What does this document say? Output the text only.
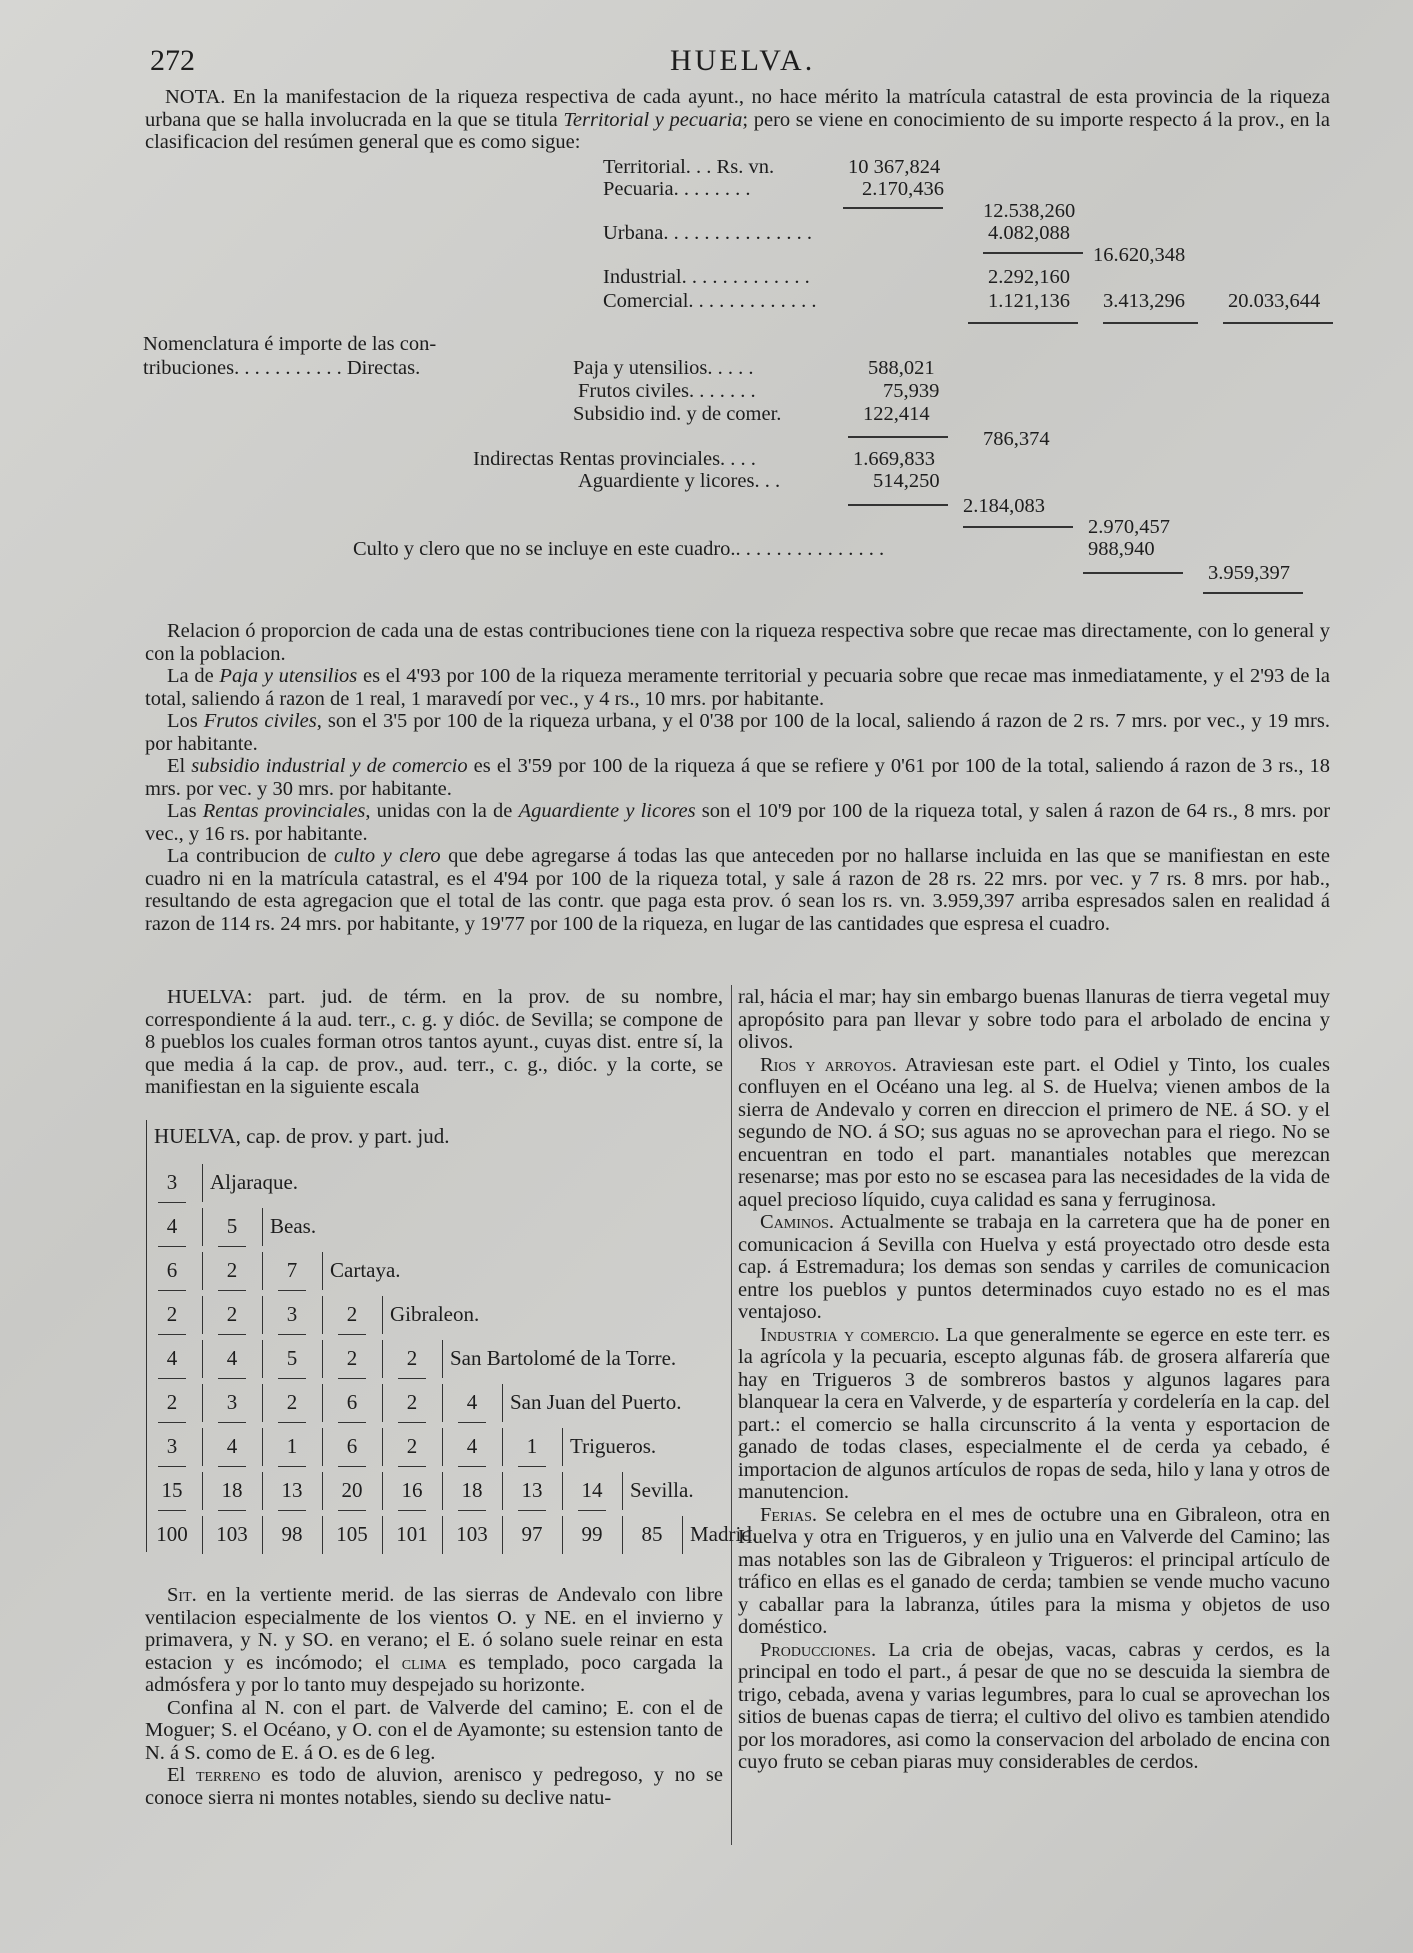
272	HUELVA.
NOTA. En la manifestacion de la riqueza respectiva de cada ayunt., no hace mérito la matrícula catastral de esta provincia de la riqueza urbana que se halla involucrada en la que se titula Territorial y pecuaria; pero se viene en conocimiento de su importe respecto á la prov., en la clasificacion del resúmen general que es como sigue:
Territorial. . . Rs. vn.	10 367,824
Pecuaria. . . . . . . .	2.170,436
12.538,260
Urbana. . . . . . . . . . . . . . .	4.082,088
16.620,348
Industrial. . . . . . . . . . . . .	2.292,160
Comercial. . . . . . . . . . . . .	1.121,136 3.413,296 20.033,644
Nomenclatura é importe de las con-
tribuciones. . . . . . . . . . . Directas.	Paja y utensilios. . . . .	588,021
Frutos civiles. . . . . . .	75,939
Subsidio ind. y de comer.	122,414
786,374
Indirectas Rentas provinciales. . . .	1.669,833
Aguardiente y licores. . .	514,250
2.184,083
2.970,457
Culto y clero que no se incluye en este cuadro.. . . . . . . . . . . . . . .	988,940
3.959,397

Relacion ó proporcion de cada una de estas contribuciones tiene con la riqueza respectiva sobre que recae mas directamente, con lo general y con la poblacion.

La de Paja y utensilios es el 4'93 por 100 de la riqueza meramente territorial y pecuaria sobre que recae mas inmediatamente, y el 2'93 de la total, saliendo á razon de 1 real, 1 maravedí por vec., y 4 rs., 10 mrs. por habitante.

Los Frutos civiles, son el 3'5 por 100 de la riqueza urbana, y el 0'38 por 100 de la local, saliendo á razon de 2 rs. 7 mrs. por vec., y 19 mrs. por habitante.

El subsidio industrial y de comercio es el 3'59 por 100 de la riqueza á que se refiere y 0'61 por 100 de la total, saliendo á razon de 3 rs., 18 mrs. por vec. y 30 mrs. por habitante.

Las Rentas provinciales, unidas con la de Aguardiente y licores son el 10'9 por 100 de la riqueza total, y salen á razon de 64 rs., 8 mrs. por vec., y 16 rs. por habitante.

La contribucion de culto y clero que debe agregarse á todas las que anteceden por no hallarse incluida en las que se manifiestan en este cuadro ni en la matrícula catastral, es el 4'94 por 100 de la riqueza total, y sale á razon de 28 rs. 22 mrs. por vec. y 7 rs. 8 mrs. por hab., resultando de esta agregacion que el total de las contr. que paga esta prov. ó sean los rs. vn. 3.959,397 arriba espresados salen en realidad á razon de 114 rs. 24 mrs. por habitante, y 19'77 por 100 de la riqueza, en lugar de las cantidades que espresa el cuadro.

HUELVA: part. jud. de térm. en la prov. de su nombre, correspondiente á la aud. terr., c. g. y dióc. de Sevilla; se compone de 8 pueblos los cuales forman otros tantos ayunt., cuyas dist. entre sí, la que media á la cap. de prov., aud. terr., c. g., dióc. y la corte, se manifiestan en la siguiente escala

HUELVA, cap. de prov. y part. jud.
3	Aljaraque.
4	5	Beas.
6	2	7	Cartaya.
2	2	3	2	Gibraleon.
4	4	5	2	2	San Bartolomé de la Torre.
2	3	2	6	2	4	San Juan del Puerto.
3	4	1	6	2	4	1	Trigueros.
15	18	13	20	16	18	13	14	Sevilla.
100	103	98	105	101	103	97	99	85	Madrid.

Sit. en la vertiente merid. de las sierras de Andevalo con libre ventilacion especialmente de los vientos O. y NE. en el invierno y primavera, y N. y SO. en verano; el E. ó solano suele reinar en esta estacion y es incómodo; el clima es templado, poco cargada la admósfera y por lo tanto muy despejado su horizonte.

Confina al N. con el part. de Valverde del camino; E. con el de Moguer; S. el Océano, y O. con el de Ayamonte; su estension tanto de N. á S. como de E. á O. es de 6 leg.

El terreno es todo de aluvion, arenisco y pedregoso, y no se conoce sierra ni montes notables, siendo su declive natu-

ral, hácia el mar; hay sin embargo buenas llanuras de tierra vegetal muy apropósito para pan llevar y sobre todo para el arbolado de encina y olivos.

Rios y arroyos. Atraviesan este part. el Odiel y Tinto, los cuales confluyen en el Océano una leg. al S. de Huelva; vienen ambos de la sierra de Andevalo y corren en direccion el primero de NE. á SO. y el segundo de NO. á SO; sus aguas no se aprovechan para el riego. No se encuentran en todo el part. manantiales notables que merezcan resenarse; mas por esto no se escasea para las necesidades de la vida de aquel precioso líquido, cuya calidad es sana y ferruginosa.

Caminos. Actualmente se trabaja en la carretera que ha de poner en comunicacion á Sevilla con Huelva y está proyectado otro desde esta cap. á Estremadura; los demas son sendas y carriles de comunicacion entre los pueblos y puntos determinados cuyo estado no es el mas ventajoso.

Industria y comercio. La que generalmente se egerce en este terr. es la agrícola y la pecuaria, escepto algunas fáb. de grosera alfarería que hay en Trigueros 3 de sombreros bastos y algunos lagares para blanquear la cera en Valverde, y de espartería y cordelería en la cap. del part.: el comercio se halla circunscrito á la venta y esportacion de ganado de todas clases, especialmente el de cerda ya cebado, é importacion de algunos artículos de ropas de seda, hilo y lana y otros de manutencion.

Ferias. Se celebra en el mes de octubre una en Gibraleon, otra en Huelva y otra en Trigueros, y en julio una en Valverde del Camino; las mas notables son las de Gibraleon y Trigueros: el principal artículo de tráfico en ellas es el ganado de cerda; tambien se vende mucho vacuno y caballar para la labranza, útiles para la misma y objetos de uso doméstico.

Producciones. La cria de obejas, vacas, cabras y cerdos, es la principal en todo el part., á pesar de que no se descuida la siembra de trigo, cebada, avena y varias legumbres, para lo cual se aprovechan los sitios de buenas capas de tierra; el cultivo del olivo es tambien atendido por los moradores, asi como la conservacion del arbolado de encina con cuyo fruto se ceban piaras muy considerables de cerdos.
